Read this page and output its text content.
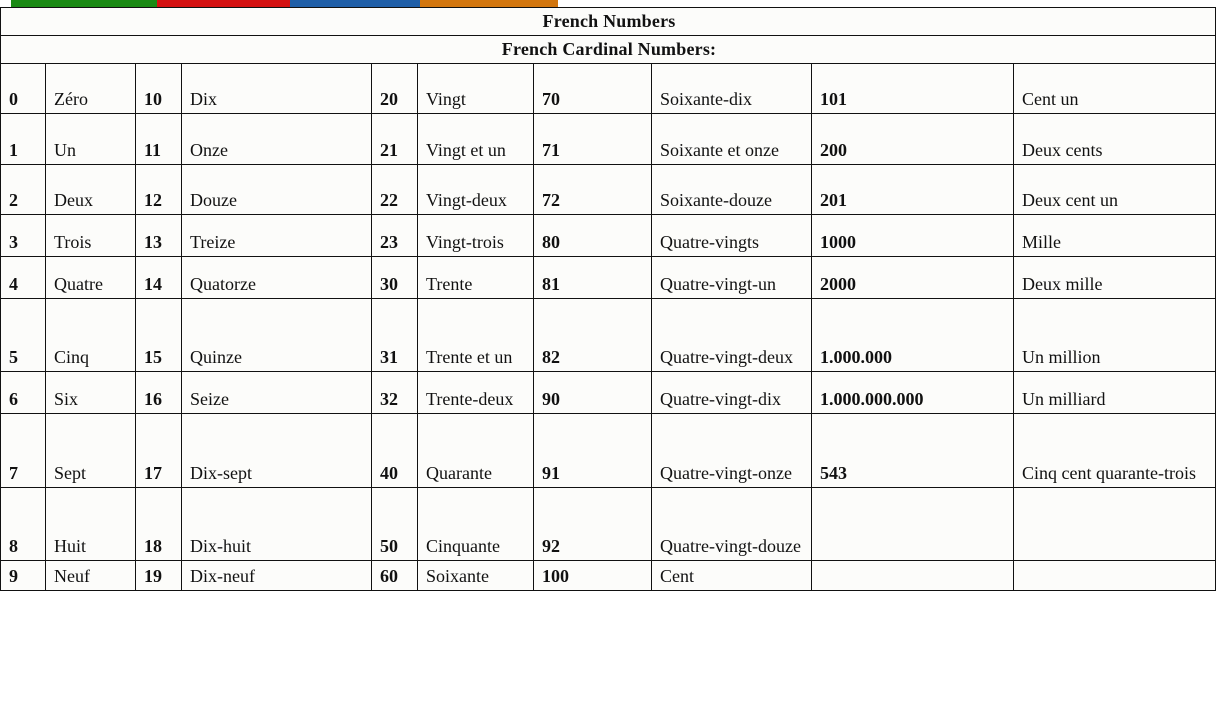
French Numbers									
French Cardinal Numbers:									
0	Zéro	10	Dix	20	Vingt	70	Soixante-dix	101	Cent un
1	Un	11	Onze	21	Vingt et un	71	Soixante et onze	200	Deux cents
2	Deux	12	Douze	22	Vingt-deux	72	Soixante-douze	201	Deux cent un
3	Trois	13	Treize	23	Vingt-trois	80	Quatre-vingts	1000	Mille
4	Quatre	14	Quatorze	30	Trente	81	Quatre-vingt-un	2000	Deux mille
5	Cinq	15	Quinze	31	Trente et un	82	Quatre-vingt-deux	1.000.000	Un million
6	Six	16	Seize	32	Trente-deux	90	Quatre-vingt-dix	1.000.000.000	Un milliard
7	Sept	17	Dix-sept	40	Quarante	91	Quatre-vingt-onze	543	Cinq cent quarante-trois
8	Huit	18	Dix-huit	50	Cinquante	92	Quatre-vingt-douze		
9	Neuf	19	Dix-neuf	60	Soixante	100	Cent		
